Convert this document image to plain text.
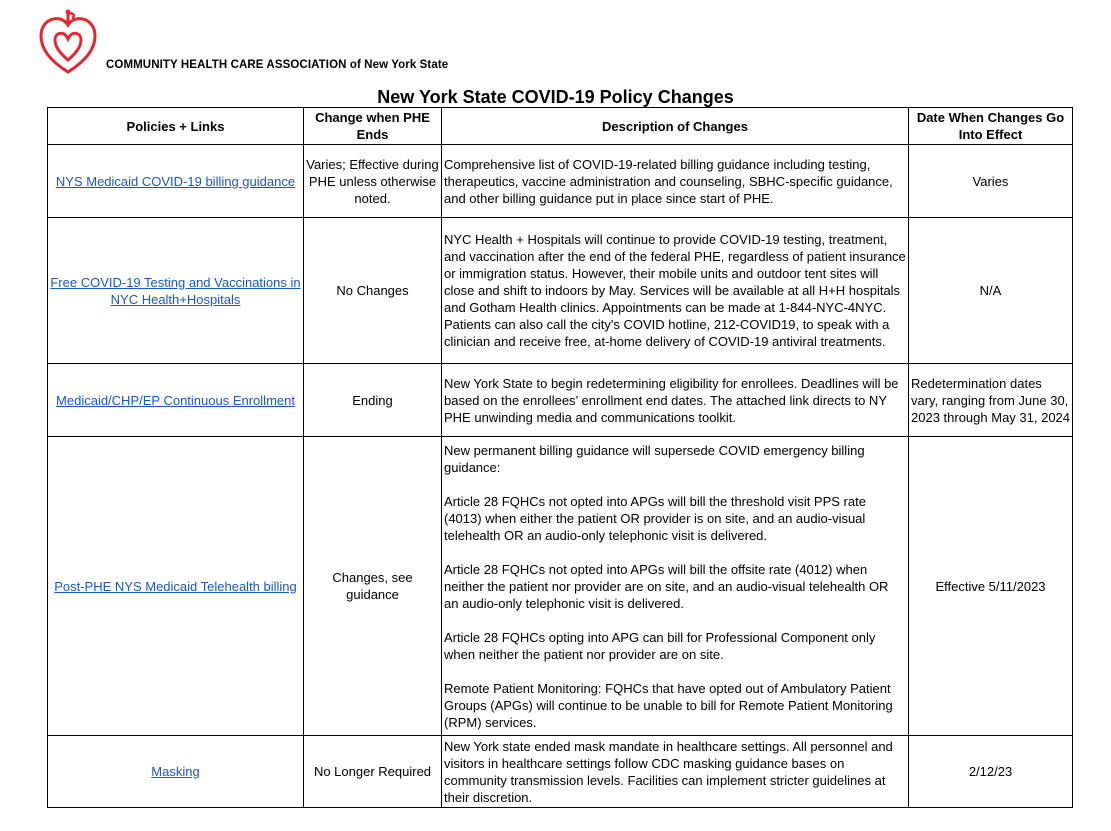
COMMUNITY HEALTH CARE ASSOCIATION of New York State
New York State COVID-19 Policy Changes
Policies + Links	Change when PHE Ends	Description of Changes	Date When Changes Go Into Effect
NYS Medicaid COVID-19 billing guidance	Varies; Effective during PHE unless otherwise noted.	Comprehensive list of COVID-19-related billing guidance including testing, therapeutics, vaccine administration and counseling, SBHC-specific guidance, and other billing guidance put in place since start of PHE.	Varies
Free COVID-19 Testing and Vaccinations in NYC Health+Hospitals	No Changes	NYC Health + Hospitals will continue to provide COVID-19 testing, treatment, and vaccination after the end of the federal PHE, regardless of patient insurance or immigration status. However, their mobile units and outdoor tent sites will close and shift to indoors by May. Services will be available at all H+H hospitals and Gotham Health clinics. Appointments can be made at 1-844-NYC-4NYC. Patients can also call the city's COVID hotline, 212-COVID19, to speak with a clinician and receive free, at-home delivery of COVID-19 antiviral treatments.	N/A
Medicaid/CHP/EP Continuous Enrollment	Ending	New York State to begin redetermining eligibility for enrollees. Deadlines will be based on the enrollees’ enrollment end dates. The attached link directs to NY PHE unwinding media and communications toolkit.	Redetermination dates vary, ranging from June 30, 2023 through May 31, 2024
Post-PHE NYS Medicaid Telehealth billing	Changes, see guidance	New permanent billing guidance will supersede COVID emergency billing guidance:
Article 28 FQHCs not opted into APGs will bill the threshold visit PPS rate (4013) when either the patient OR provider is on site, and an audio-visual telehealth OR an audio-only telephonic visit is delivered.
Article 28 FQHCs not opted into APGs will bill the offsite rate (4012) when neither the patient nor provider are on site, and an audio-visual telehealth OR an audio-only telephonic visit is delivered.
Article 28 FQHCs opting into APG can bill for Professional Component only when neither the patient nor provider are on site.
Remote Patient Monitoring: FQHCs that have opted out of Ambulatory Patient Groups (APGs) will continue to be unable to bill for Remote Patient Monitoring (RPM) services.	Effective 5/11/2023
Masking	No Longer Required	New York state ended mask mandate in healthcare settings. All personnel and visitors in healthcare settings follow CDC masking guidance bases on community transmission levels. Facilities can implement stricter guidelines at their discretion.	2/12/23
